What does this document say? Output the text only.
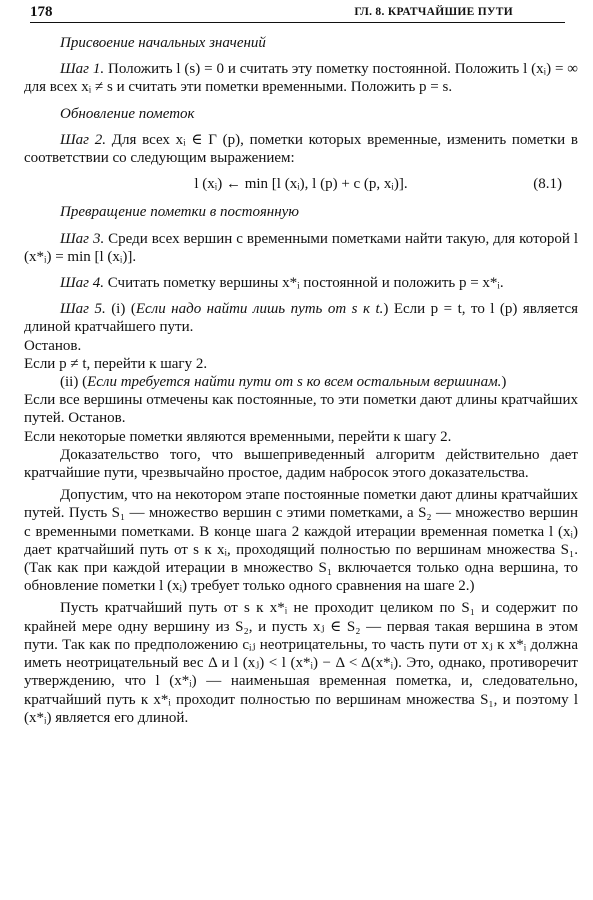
178	ГЛ. 8. КРАТЧАЙШИЕ ПУТИ

Присвоение начальных значений

Шаг 1. Положить l (s) = 0 и считать эту пометку постоянной. Положить l (xᵢ) = ∞ для всех xᵢ ≠ s и считать эти пометки временными. Положить p = s.

Обновление пометок

Шаг 2. Для всех xᵢ ∈ Γ (p), пометки которых временные, изменить пометки в соответствии со следующим выражением:

l (xᵢ) ← min [l (xᵢ), l (p) + c (p, xᵢ)].	(8.1)

Превращение пометки в постоянную

Шаг 3. Среди всех вершин с временными пометками найти такую, для которой l (x*ᵢ) = min [l (xᵢ)].

Шаг 4. Считать пометку вершины x*ᵢ постоянной и положить p = x*ᵢ.

Шаг 5. (i) (Если надо найти лишь путь от s к t.) Если p = t, то l (p) является длиной кратчайшего пути.

Останов.

Если p ≠ t, перейти к шагу 2.

(ii) (Если требуется найти пути от s ко всем остальным вершинам.)

Если все вершины отмечены как постоянные, то эти пометки дают длины кратчайших путей. Останов.

Если некоторые пометки являются временными, перейти к шагу 2.

Доказательство того, что вышеприведенный алгоритм действительно дает кратчайшие пути, чрезвычайно простое, дадим набросок этого доказательства.

Допустим, что на некотором этапе постоянные пометки дают длины кратчайших путей. Пусть S₁ — множество вершин с этими пометками, а S₂ — множество вершин с временными пометками. В конце шага 2 каждой итерации временная пометка l (xᵢ) дает кратчайший путь от s к xᵢ, проходящий полностью по вершинам множества S₁. (Так как при каждой итерации в множество S₁ включается только одна вершина, то обновление пометки l (xᵢ) требует только одного сравнения на шаге 2.)

Пусть кратчайший путь от s к x*ᵢ не проходит целиком по S₁ и содержит по крайней мере одну вершину из S₂, и пусть xⱼ ∈ S₂ — первая такая вершина в этом пути. Так как по предположению cᵢⱼ неотрицательны, то часть пути от xⱼ к x*ᵢ должна иметь неотрицательный вес Δ и l (xⱼ) < l (x*ᵢ) − Δ < Δ(x*ᵢ). Это, однако, противоречит утверждению, что l (x*ᵢ) — наименьшая временная пометка, и, следовательно, кратчайший путь к x*ᵢ проходит полностью по вершинам множества S₁, и поэтому l (x*ᵢ) является его длиной.
